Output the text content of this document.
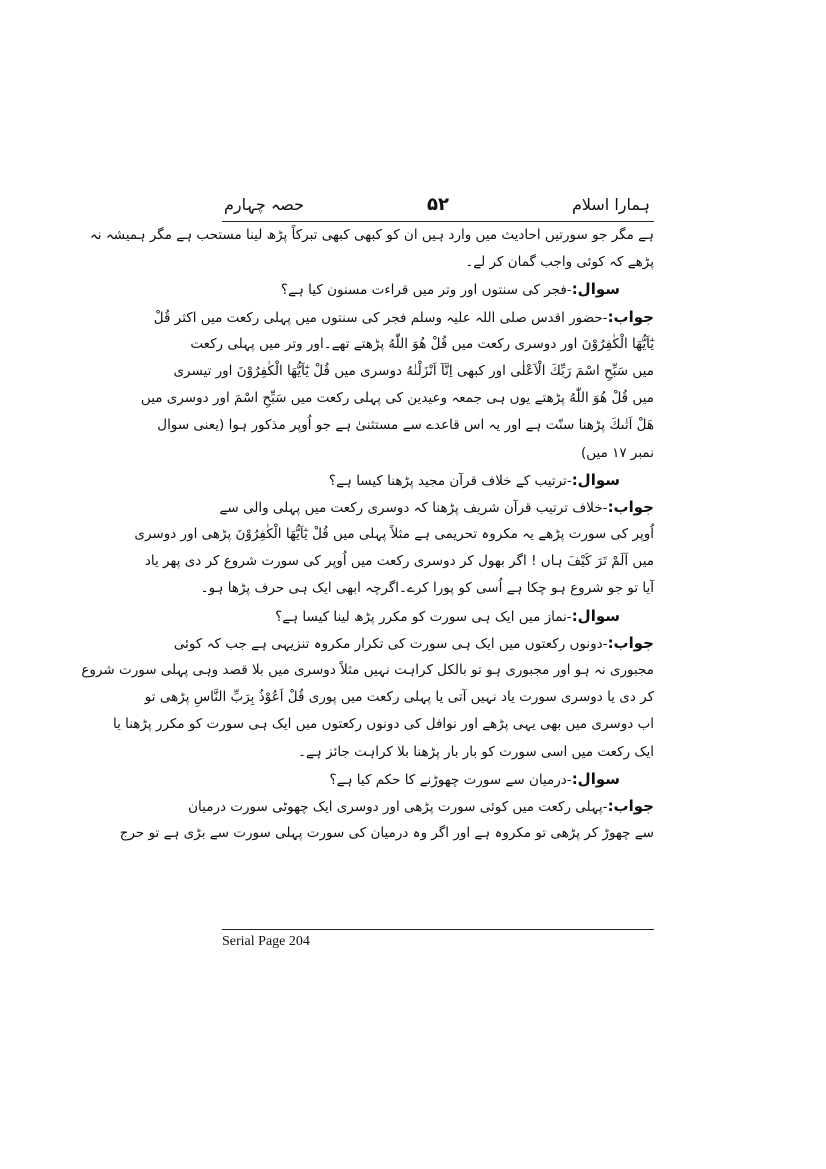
ہمارا اسلام
۵۲
حصہ چہارم
ہے مگر جو سورتیں احادیث میں وارد ہیں ان کو کبھی کبھی تبرکاً پڑھ لینا مستحب ہے مگر ہمیشہ نہ
پڑھے کہ کوئی واجب گمان کر لے۔
سوال:-فجر کی سنتوں اور وتر میں قراءت مسنون کیا ہے؟
جواب:-حضور اقدس صلی اللہ علیہ وسلم فجر کی سنتوں میں پہلی رکعت میں اکثر قُلْ
یٰٓاَیُّهَا الْكٰفِرُوْنَ اور دوسری رکعت میں قُلْ هُوَ اللّٰهُ پڑھتے تھے۔اور وتر میں پہلی رکعت
میں سَبِّحِ اسْمَ رَبِّكَ الْاَعْلٰى اور کبھی اِنَّآ اَنْزَلْنٰهُ دوسری میں قُلْ یٰٓاَیُّهَا الْكٰفِرُوْنَ اور تیسری
میں قُلْ هُوَ اللّٰهُ پڑھتے یوں ہی جمعہ وعیدین کی پہلی رکعت میں سَبِّحِ اسْمَ اور دوسری میں
هَلْ اَتٰىكَ پڑھنا سنّت ہے اور یہ اس قاعدے سے مستثنیٰ ہے جو اُوپر مذکور ہوا (یعنی سوال
نمبر ۱۷ میں)
سوال:-ترتیب کے خلاف قرآن مجید پڑھنا کیسا ہے؟
جواب:-خلاف ترتیب قرآن شریف پڑھنا کہ دوسری رکعت میں پہلی والی سے
اُوپر کی سورت پڑھے یہ مکروہ تحریمی ہے مثلاً پہلی میں قُلْ یٰٓاَیُّهَا الْكٰفِرُوْنَ پڑھی اور دوسری
میں اَلَمْ تَرَ كَیْفَ ہاں ! اگر بھول کر دوسری رکعت میں اُوپر کی سورت شروع کر دی پھر یاد
آیا تو جو شروع ہو چکا ہے اُسی کو پورا کرے۔اگرچہ ابھی ایک ہی حرف پڑھا ہو۔
سوال:-نماز میں ایک ہی سورت کو مکرر پڑھ لینا کیسا ہے؟
جواب:-دونوں رکعتوں میں ایک ہی سورت کی تکرار مکروہ تنزیہی ہے جب کہ کوئی
مجبوری نہ ہو اور مجبوری ہو تو بالکل کراہت نہیں مثلاً دوسری میں بلا قصد وہی پہلی سورت شروع
کر دی یا دوسری سورت یاد نہیں آتی یا پہلی رکعت میں پوری قُلْ اَعُوْذُ بِرَبِّ النَّاسِ پڑھی تو
اب دوسری میں بھی یہی پڑھے اور نوافل کی دونوں رکعتوں میں ایک ہی سورت کو مکرر پڑھنا یا
ایک رکعت میں اسی سورت کو بار بار پڑھنا بلا کراہت جائز ہے۔
سوال:-درمیان سے سورت چھوڑنے کا حکم کیا ہے؟
جواب:-پہلی رکعت میں کوئی سورت پڑھی اور دوسری ایک چھوٹی سورت درمیان
سے چھوڑ کر پڑھی تو مکروہ ہے اور اگر وہ درمیان کی سورت پہلی سورت سے بڑی ہے تو حرج
Serial Page 204
